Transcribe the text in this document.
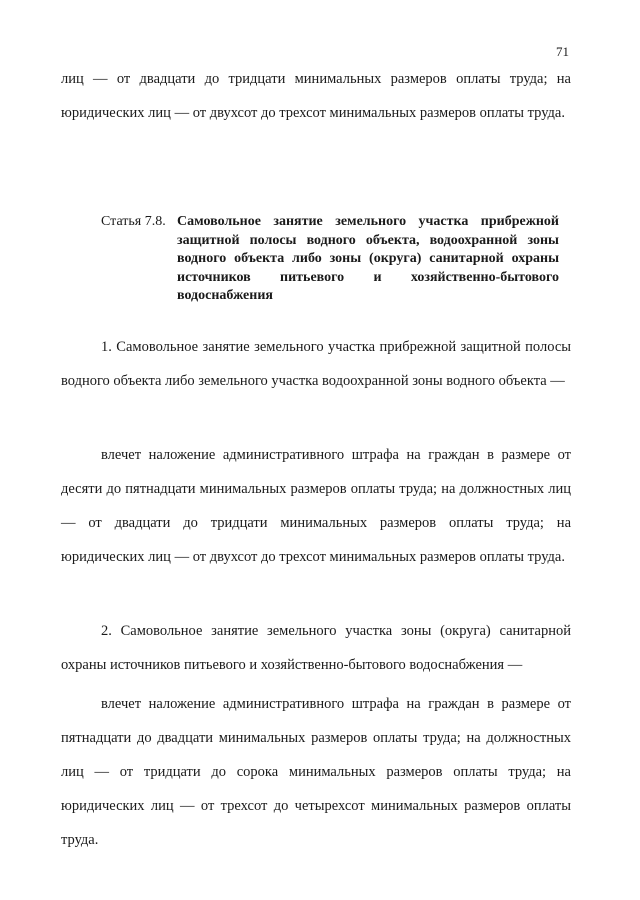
71
лиц — от двадцати до тридцати минимальных размеров оплаты труда; на юридических лиц — от двухсот до трехсот минимальных размеров оплаты труда.
Статья 7.8. Самовольное занятие земельного участка прибрежной защитной полосы водного объекта, водоохранной зоны водного объекта либо зоны (округа) санитарной охраны источников питьевого и хозяйственно-бытового водоснабжения
1. Самовольное занятие земельного участка прибрежной защитной полосы водного объекта либо земельного участка водоохранной зоны водного объекта —
влечет наложение административного штрафа на граждан в размере от десяти до пятнадцати минимальных размеров оплаты труда; на должностных лиц — от двадцати до тридцати минимальных размеров оплаты труда; на юридических лиц — от двухсот до трехсот минимальных размеров оплаты труда.
2. Самовольное занятие земельного участка зоны (округа) санитарной охраны источников питьевого и хозяйственно-бытового водоснабжения —
влечет наложение административного штрафа на граждан в размере от пятнадцати до двадцати минимальных размеров оплаты труда; на должностных лиц — от тридцати до сорока минимальных размеров оплаты труда; на юридических лиц — от трехсот до четырехсот минимальных размеров оплаты труда.
